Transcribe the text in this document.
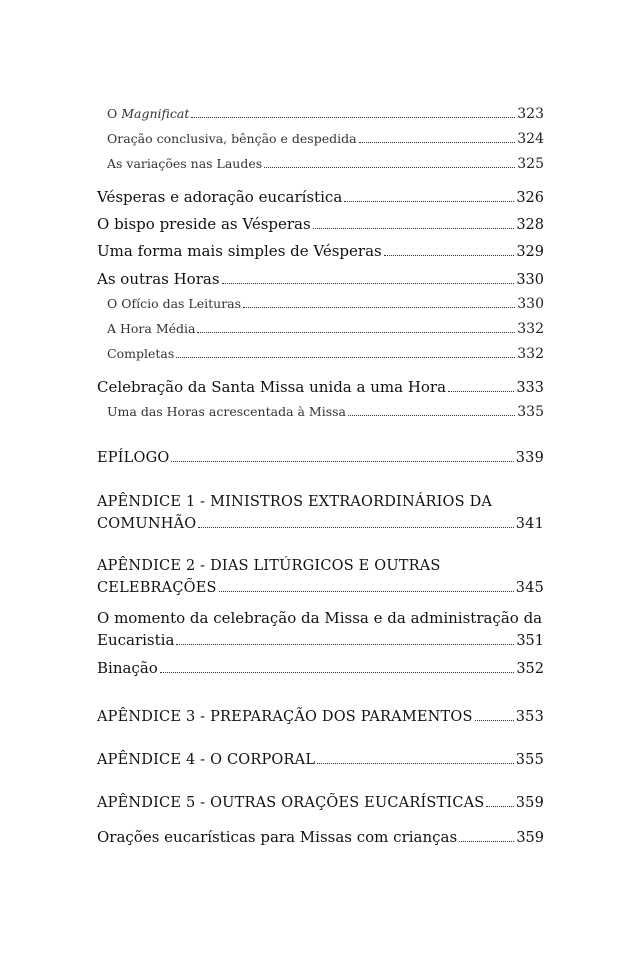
O Magnificat	323
Oração conclusiva, bênção e despedida	324
As variações nas Laudes	325
Vésperas e adoração eucarística	326
O bispo preside as Vésperas	328
Uma forma mais simples de Vésperas	329
As outras Horas	330
O Ofício das Leituras	330
A Hora Média	332
Completas	332
Celebração da Santa Missa unida a uma Hora	333
Uma das Horas acrescentada à Missa	335
EPÍLOGO	339
APÊNDICE 1 - MINISTROS EXTRAORDINÁRIOS DA
COMUNHÃO	341
APÊNDICE 2 - DIAS LITÚRGICOS E OUTRAS
CELEBRAÇÕES	345
O momento da celebração da Missa e da administração da
Eucaristia	351
Binação	352
APÊNDICE 3 - PREPARAÇÃO DOS PARAMENTOS	353
APÊNDICE 4 - O CORPORAL	355
APÊNDICE 5 - OUTRAS ORAÇÕES EUCARÍSTICAS 359
Orações eucarísticas para Missas com crianças	359
